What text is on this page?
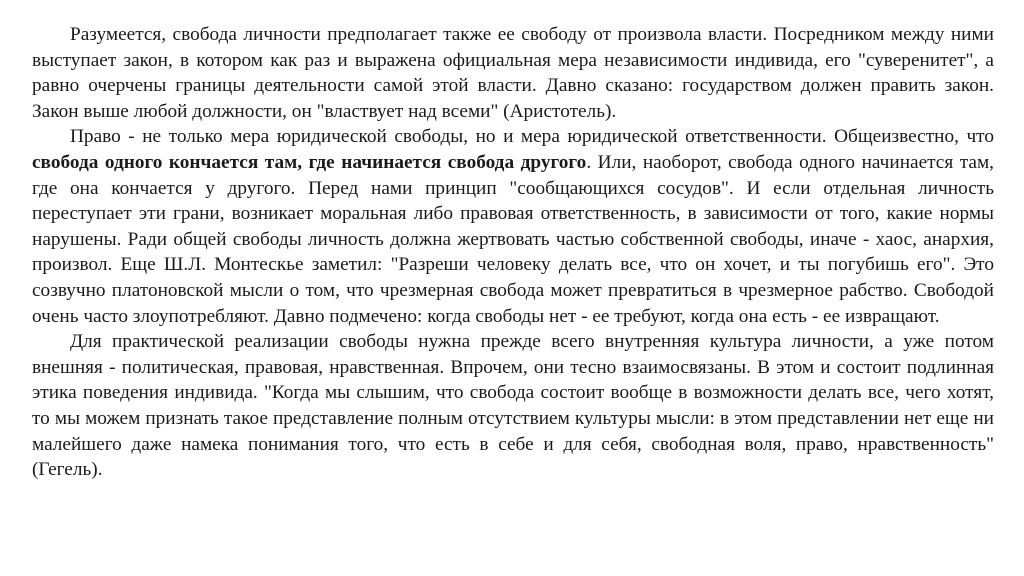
Разумеется, свобода личности предполагает также ее свободу от произвола власти. Посредником между ними выступает закон, в котором как раз и выражена официальная мера независимости индивида, его "суверенитет", а равно очерчены границы деятельности самой этой власти. Давно сказано: государством должен править закон. Закон выше любой должности, он "властвует над всеми" (Аристотель).

Право - не только мера юридической свободы, но и мера юридической ответственности. Общеизвестно, что свобода одного кончается там, где начинается свобода другого. Или, наоборот, свобода одного начинается там, где она кончается у другого. Перед нами принцип "сообщающихся сосудов". И если отдельная личность переступает эти грани, возникает моральная либо правовая ответственность, в зависимости от того, какие нормы нарушены. Ради общей свободы личность должна жертвовать частью собственной свободы, иначе - хаос, анархия, произвол. Еще Ш.Л. Монтескье заметил: "Разреши человеку делать все, что он хочет, и ты погубишь его". Это созвучно платоновской мысли о том, что чрезмерная свобода может превратиться в чрезмерное рабство. Свободой очень часто злоупотребляют. Давно подмечено: когда свободы нет - ее требуют, когда она есть - ее извращают.

Для практической реализации свободы нужна прежде всего внутренняя культура личности, а уже потом внешняя - политическая, правовая, нравственная. Впрочем, они тесно взаимосвязаны. В этом и состоит подлинная этика поведения индивида. "Когда мы слышим, что свобода состоит вообще в возможности делать все, чего хотят, то мы можем признать такое представление полным отсутствием культуры мысли: в этом представлении нет еще ни малейшего даже намека понимания того, что есть в себе и для себя, свободная воля, право, нравственность" (Гегель).
